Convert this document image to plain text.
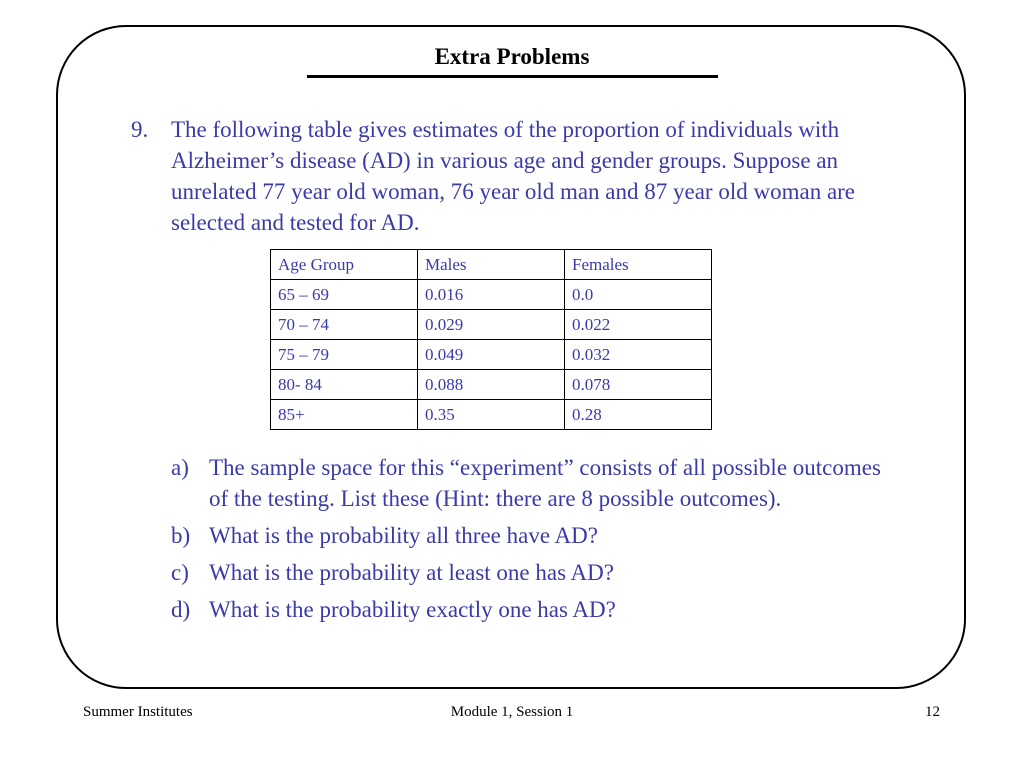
Extra Problems
9. The following table gives estimates of the proportion of individuals with Alzheimer’s disease (AD) in various age and gender groups. Suppose an unrelated 77 year old woman, 76 year old man and 87 year old woman are selected and tested for AD.
Age Group	Males	Females
65 – 69	0.016	0.0
70 – 74	0.029	0.022
75 – 79	0.049	0.032
80- 84	0.088	0.078
85+	0.35	0.28
a) The sample space for this “experiment” consists of all possible outcomes of the testing. List these (Hint: there are 8 possible outcomes).
b) What is the probability all three have AD?
c) What is the probability at least one has AD?
d) What is the probability exactly one has AD?
Summer Institutes	Module 1, Session 1	12
